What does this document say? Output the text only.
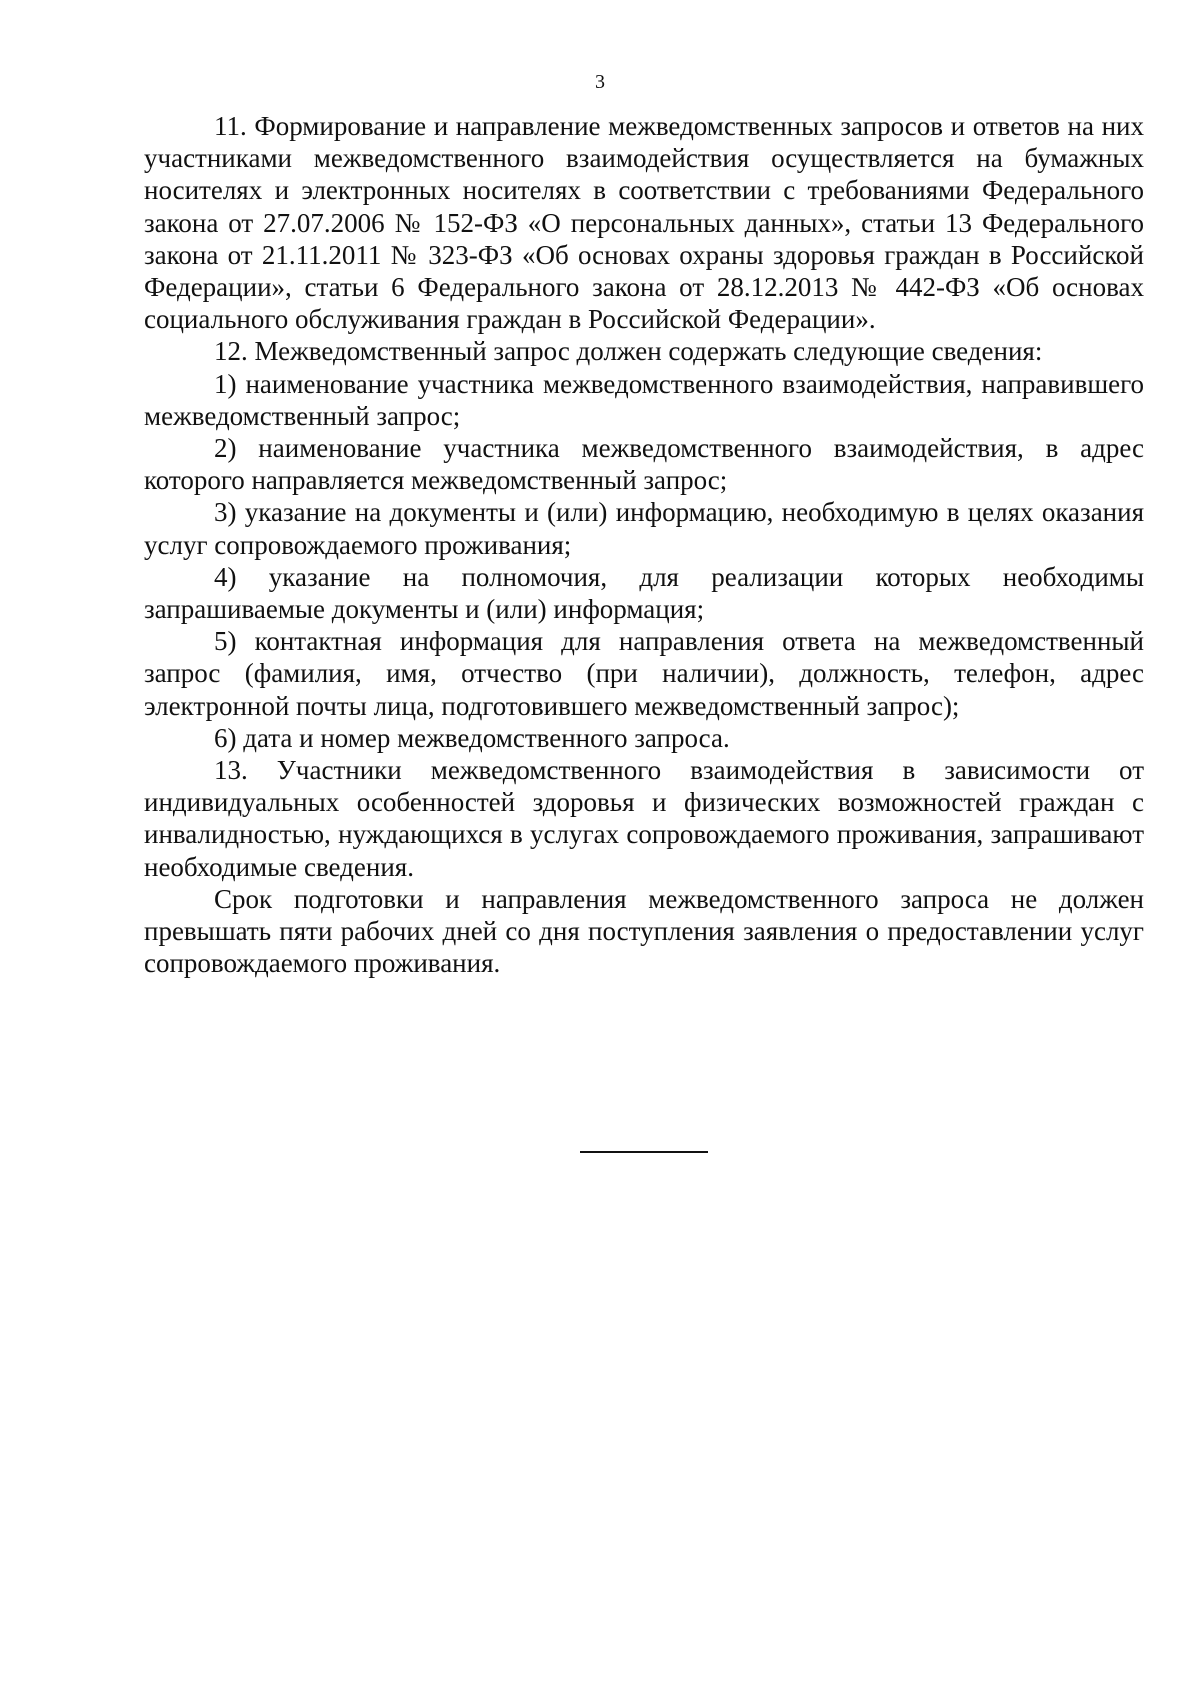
3

11. Формирование и направление межведомственных запросов и ответов на них участниками межведомственного взаимодействия осуществляется на бумажных носителях и электронных носителях в соответствии с требованиями Федерального закона от 27.07.2006 № 152-ФЗ «О персональных данных», статьи 13 Федерального закона от 21.11.2011 № 323-ФЗ «Об основах охраны здоровья граждан в Российской Федерации», статьи 6 Федерального закона от 28.12.2013 № 442-ФЗ «Об основах социального обслуживания граждан в Российской Федерации».

12. Межведомственный запрос должен содержать следующие сведения:

1) наименование участника межведомственного взаимодействия, направившего межведомственный запрос;

2) наименование участника межведомственного взаимодействия, в адрес которого направляется межведомственный запрос;

3) указание на документы и (или) информацию, необходимую в целях оказания услуг сопровождаемого проживания;

4) указание на полномочия, для реализации которых необходимы запрашиваемые документы и (или) информация;

5) контактная информация для направления ответа на межведомственный запрос (фамилия, имя, отчество (при наличии), должность, телефон, адрес электронной почты лица, подготовившего межведомственный запрос);

6) дата и номер межведомственного запроса.

13. Участники межведомственного взаимодействия в зависимости от индивидуальных особенностей здоровья и физических возможностей граждан с инвалидностью, нуждающихся в услугах сопровождаемого проживания, запрашивают необходимые сведения.

Срок подготовки и направления межведомственного запроса не должен превышать пяти рабочих дней со дня поступления заявления о предоставлении услуг сопровождаемого проживания.
